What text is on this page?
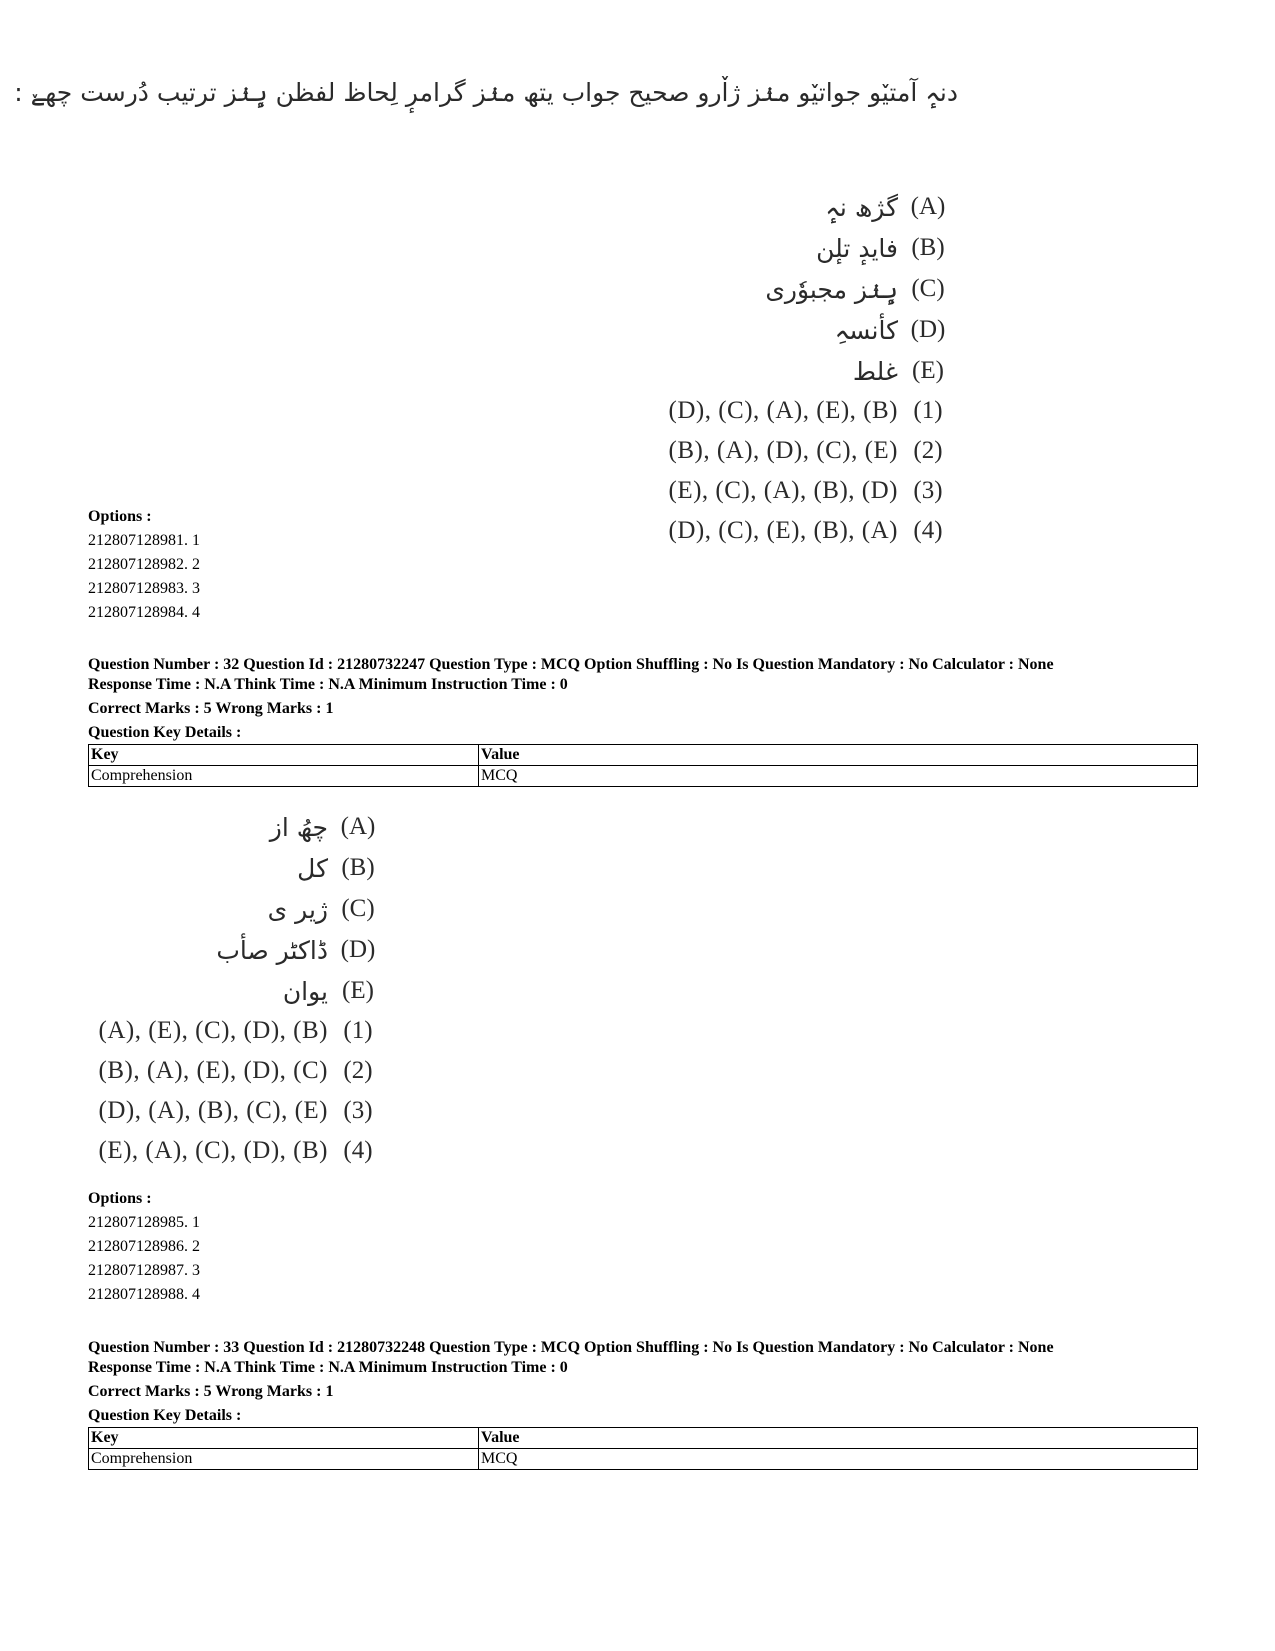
دنہٕ آمتیٚو جواتیٚو منٛز ژاٚرو صحیح جواب یتھ منٛز گرامرٕ لِحاظ لفظن ہٕنٛز ترتیب دُرست چھےٚ :
گژھ نہٕ (A)
فایدٕ تلٕن (B)
ہٕنٛز مجبوٗری (C)
کأنسہِ (D)
غلط (E)
(D), (C), (A), (E), (B) (1)
(B), (A), (D), (C), (E) (2)
(E), (C), (A), (B), (D) (3)
(D), (C), (E), (B), (A) (4)
Options :
212807128981. 1
212807128982. 2
212807128983. 3
212807128984. 4
Question Number : 32 Question Id : 21280732247 Question Type : MCQ Option Shuffling : No Is Question Mandatory : No Calculator : None
Response Time : N.A Think Time : N.A Minimum Instruction Time : 0
Correct Marks : 5 Wrong Marks : 1
Question Key Details :
Key	Value
Comprehension	MCQ
چھُ از (A)
کل (B)
ژیر ی (C)
ڈاکٹر صأب (D)
یوان (E)
(A), (E), (C), (D), (B) (1)
(B), (A), (E), (D), (C) (2)
(D), (A), (B), (C), (E) (3)
(E), (A), (C), (D), (B) (4)
Options :
212807128985. 1
212807128986. 2
212807128987. 3
212807128988. 4
Question Number : 33 Question Id : 21280732248 Question Type : MCQ Option Shuffling : No Is Question Mandatory : No Calculator : None
Response Time : N.A Think Time : N.A Minimum Instruction Time : 0
Correct Marks : 5 Wrong Marks : 1
Question Key Details :
Key	Value
Comprehension	MCQ
